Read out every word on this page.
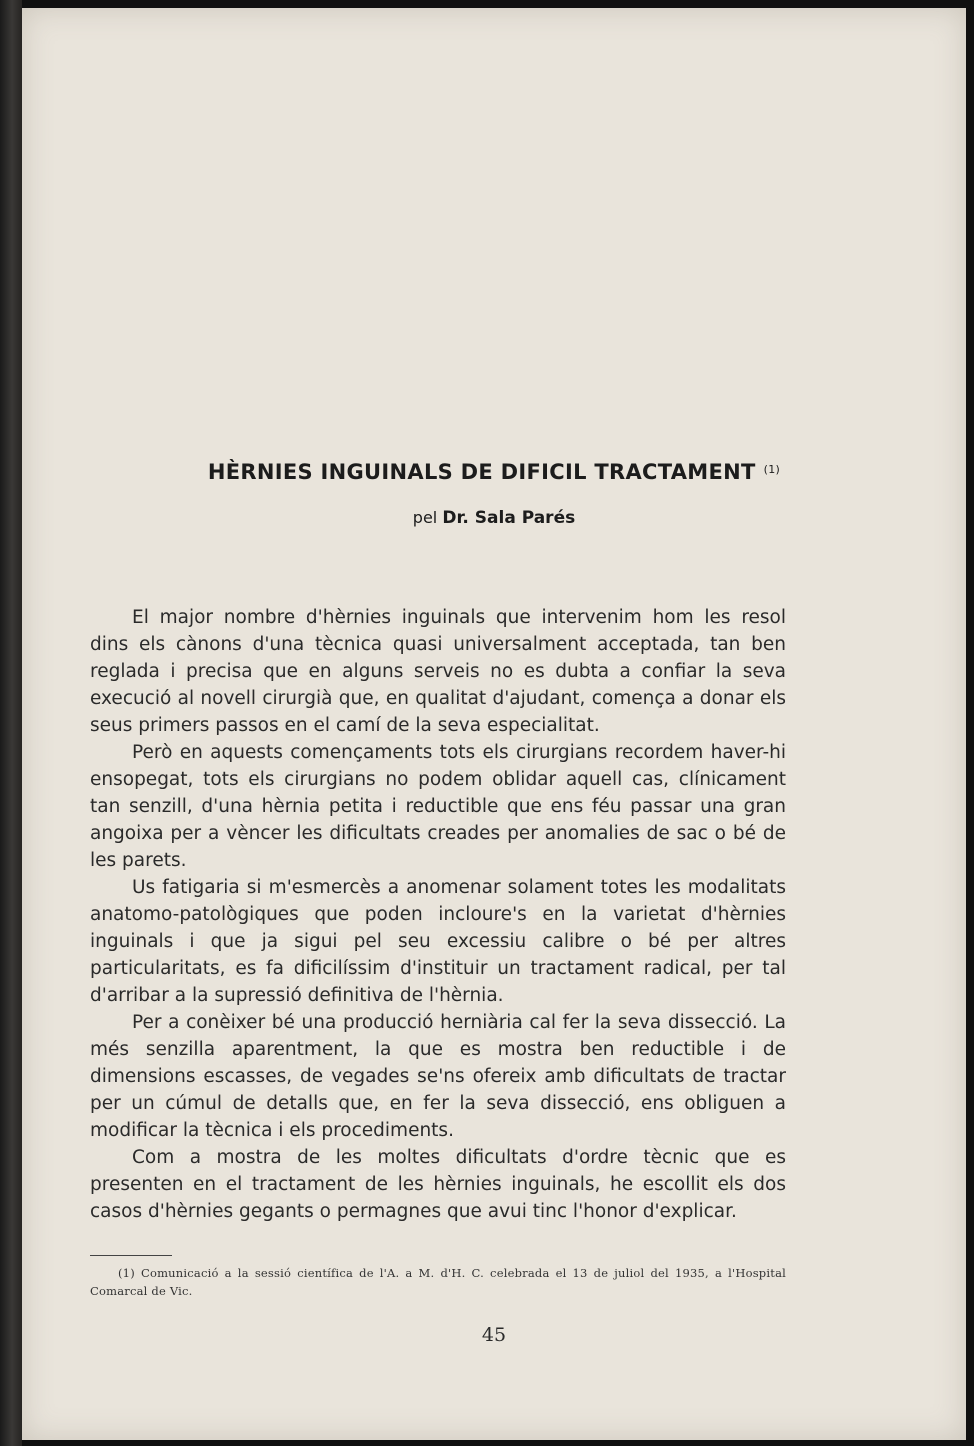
HÈRNIES INGUINALS DE DIFICIL TRACTAMENT $^{(1)}$
pel Dr. Sala Parés

El major nombre d'hèrnies inguinals que intervenim hom les resol dins els cànons d'una tècnica quasi universalment acceptada, tan ben reglada i precisa que en alguns serveis no es dubta a confiar la seva execució al novell cirurgià que, en qualitat d'ajudant, comença a donar els seus primers passos en el camí de la seva especialitat.

Però en aquests començaments tots els cirurgians recordem haver-hi ensopegat, tots els cirurgians no podem oblidar aquell cas, clínicament tan senzill, d'una hèrnia petita i reductible que ens féu passar una gran angoixa per a vèncer les dificultats creades per anomalies de sac o bé de les parets.

Us fatigaria si m'esmercès a anomenar solament totes les modalitats anatomo-patològiques que poden incloure's en la varietat d'hèrnies inguinals i que ja sigui pel seu excessiu calibre o bé per altres particularitats, es fa dificilíssim d'instituir un tractament radical, per tal d'arribar a la supressió definitiva de l'hèrnia.

Per a conèixer bé una producció herniària cal fer la seva dissecció. La més senzilla aparentment, la que es mostra ben reductible i de dimensions escasses, de vegades se'ns ofereix amb dificultats de tractar per un cúmul de detalls que, en fer la seva dissecció, ens obliguen a modificar la tècnica i els procediments.

Com a mostra de les moltes dificultats d'ordre tècnic que es presenten en el tractament de les hèrnies inguinals, he escollit els dos casos d'hèrnies gegants o permagnes que avui tinc l'honor d'explicar.

(1) Comunicació a la sessió científica de l'A. a M. d'H. C. celebrada el 13 de juliol del 1935, a l'Hospital Comarcal de Vic.

45
